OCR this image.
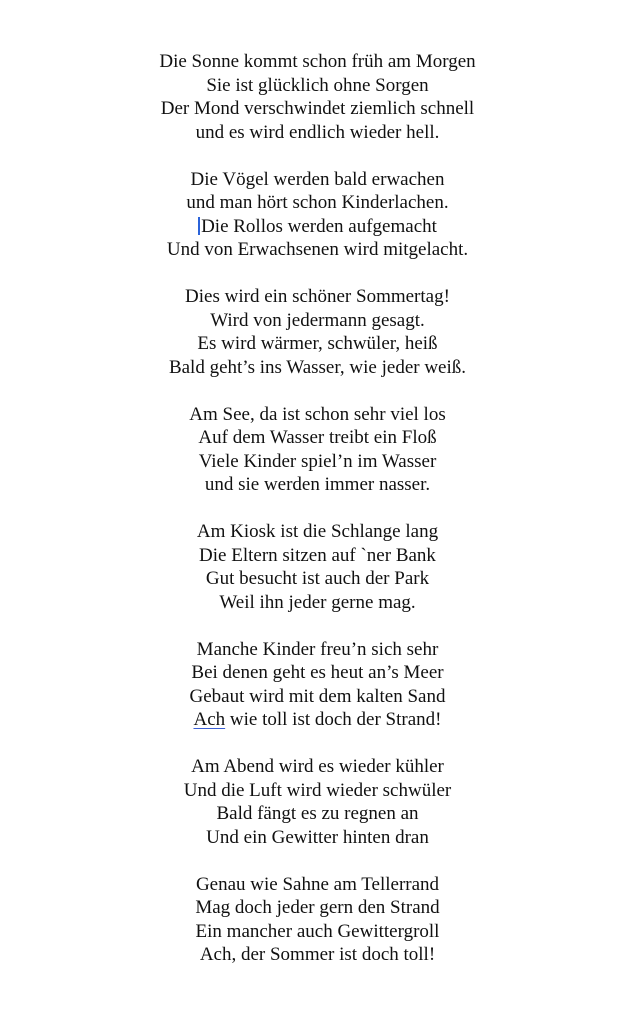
Die Sonne kommt schon früh am Morgen
Sie ist glücklich ohne Sorgen
Der Mond verschwindet ziemlich schnell
und es wird endlich wieder hell.
Die Vögel werden bald erwachen
und man hört schon Kinderlachen.
Die Rollos werden aufgemacht
Und von Erwachsenen wird mitgelacht.
Dies wird ein schöner Sommertag!
Wird von jedermann gesagt.
Es wird wärmer, schwüler, heiß
Bald geht’s ins Wasser, wie jeder weiß.
Am See, da ist schon sehr viel los
Auf dem Wasser treibt ein Floß
Viele Kinder spiel’n im Wasser
und sie werden immer nasser.
Am Kiosk ist die Schlange lang
Die Eltern sitzen auf `ner Bank
Gut besucht ist auch der Park
Weil ihn jeder gerne mag.
Manche Kinder freu’n sich sehr
Bei denen geht es heut an’s Meer
Gebaut wird mit dem kalten Sand
Ach wie toll ist doch der Strand!
Am Abend wird es wieder kühler
Und die Luft wird wieder schwüler
Bald fängt es zu regnen an
Und ein Gewitter hinten dran
Genau wie Sahne am Tellerrand
Mag doch jeder gern den Strand
Ein mancher auch Gewittergroll
Ach, der Sommer ist doch toll!
